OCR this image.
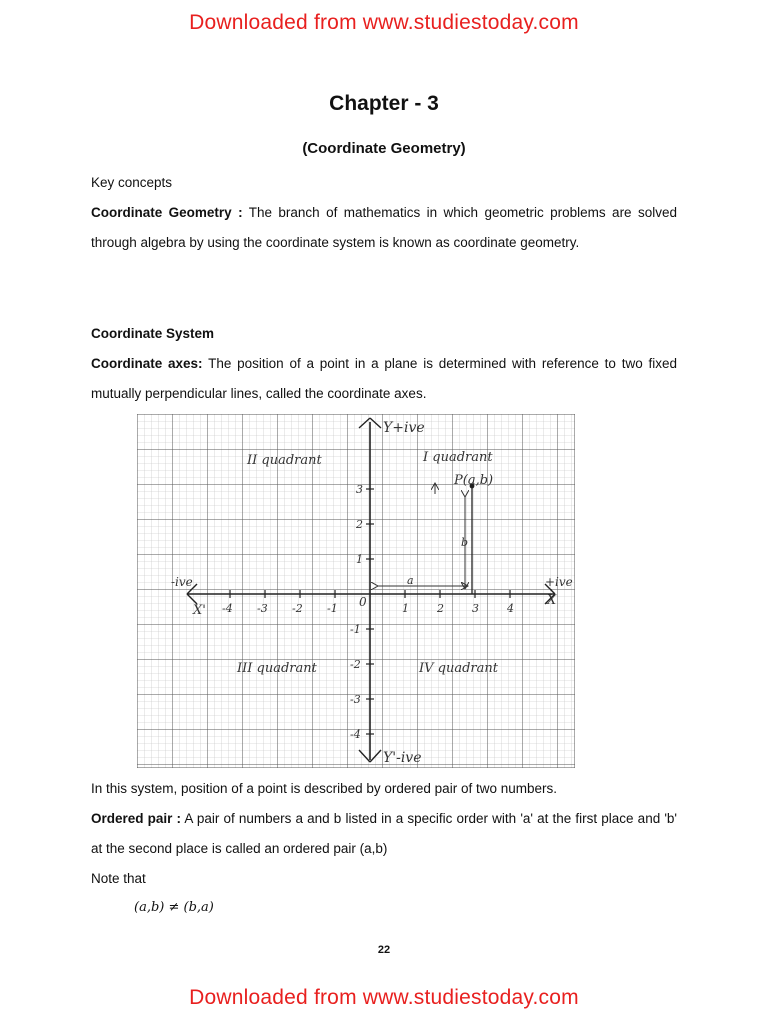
Downloaded from www.studiestoday.com
Chapter - 3
(Coordinate Geometry)
Key concepts
Coordinate Geometry : The branch of mathematics in which geometric problems are solved through algebra by using the coordinate system is known as coordinate geometry.
Coordinate System
Coordinate axes: The position of a point in a plane is determined with reference to two fixed mutually perpendicular lines, called the coordinate axes.
Y+ive
Y'-ive
+ive
X
-ive
X'
0
-4 -3 -2 -1	1	2	3	4
1
2
3
-1
-2
-3
-4
II quadrant	I quadrant
III quadrant	IV quadrant
P(a,b)
b
a
In this system, position of a point is described by ordered pair of two numbers.
Ordered pair : A pair of numbers a and b listed in a specific order with 'a' at the first place and 'b' at the second place is called an ordered pair (a,b)
Note that
(a,b) ≠ (b,a)
22
Downloaded from www.studiestoday.com
